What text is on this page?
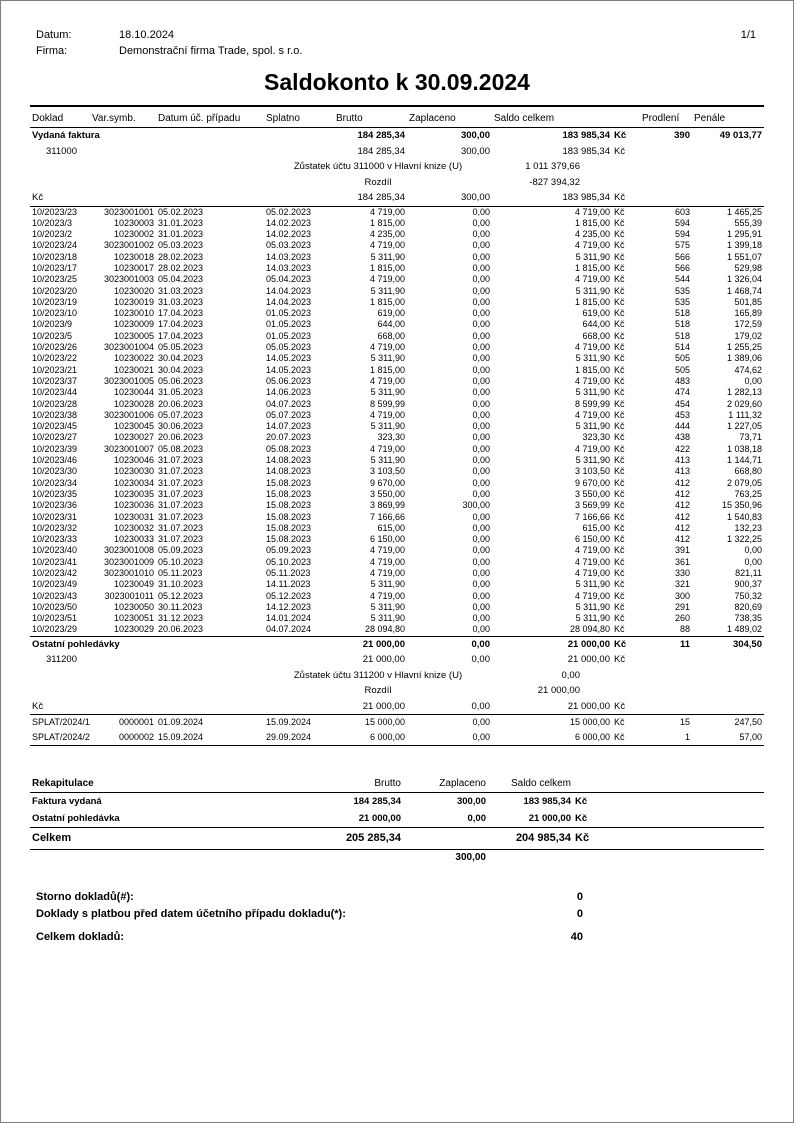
Datum:	18.10.2024	1/1
Firma:	Demonstrační firma Trade, spol. s r.o.
Saldokonto k 30.09.2024
Doklad	Var.symb.	Datum úč. případu	Splatno	Brutto	Zaplaceno	Saldo celkem		Prodlení	Penále
Vydaná faktura				184 285,34	300,00	183 985,34	Kč	390	49 013,77
311000				184 285,34	300,00	183 985,34	Kč		
			Zůstatek účtu 311000 v Hlavní knize (U)			1 011 379,66			
			Rozdíl			-827 394,32			
Kč				184 285,34	300,00	183 985,34	Kč		
10/2023/23	3023001001	05.02.2023	05.02.2023	4 719,00	0,00	4 719,00	Kč	603	1 465,25
10/2023/3	10230003	31.01.2023	14.02.2023	1 815,00	0,00	1 815,00	Kč	594	555,39
10/2023/2	10230002	31.01.2023	14.02.2023	4 235,00	0,00	4 235,00	Kč	594	1 295,91
10/2023/24	3023001002	05.03.2023	05.03.2023	4 719,00	0,00	4 719,00	Kč	575	1 399,18
10/2023/18	10230018	28.02.2023	14.03.2023	5 311,90	0,00	5 311,90	Kč	566	1 551,07
10/2023/17	10230017	28.02.2023	14.03.2023	1 815,00	0,00	1 815,00	Kč	566	529,98
10/2023/25	3023001003	05.04.2023	05.04.2023	4 719,00	0,00	4 719,00	Kč	544	1 326,04
10/2023/20	10230020	31.03.2023	14.04.2023	5 311,90	0,00	5 311,90	Kč	535	1 468,74
10/2023/19	10230019	31.03.2023	14.04.2023	1 815,00	0,00	1 815,00	Kč	535	501,85
10/2023/10	10230010	17.04.2023	01.05.2023	619,00	0,00	619,00	Kč	518	165,89
10/2023/9	10230009	17.04.2023	01.05.2023	644,00	0,00	644,00	Kč	518	172,59
10/2023/5	10230005	17.04.2023	01.05.2023	668,00	0,00	668,00	Kč	518	179,02
10/2023/26	3023001004	05.05.2023	05.05.2023	4 719,00	0,00	4 719,00	Kč	514	1 255,25
10/2023/22	10230022	30.04.2023	14.05.2023	5 311,90	0,00	5 311,90	Kč	505	1 389,06
10/2023/21	10230021	30.04.2023	14.05.2023	1 815,00	0,00	1 815,00	Kč	505	474,62
10/2023/37	3023001005	05.06.2023	05.06.2023	4 719,00	0,00	4 719,00	Kč	483	0,00
10/2023/44	10230044	31.05.2023	14.06.2023	5 311,90	0,00	5 311,90	Kč	474	1 282,13
10/2023/28	10230028	20.06.2023	04.07.2023	8 599,99	0,00	8 599,99	Kč	454	2 029,60
10/2023/38	3023001006	05.07.2023	05.07.2023	4 719,00	0,00	4 719,00	Kč	453	1 111,32
10/2023/45	10230045	30.06.2023	14.07.2023	5 311,90	0,00	5 311,90	Kč	444	1 227,05
10/2023/27	10230027	20.06.2023	20.07.2023	323,30	0,00	323,30	Kč	438	73,71
10/2023/39	3023001007	05.08.2023	05.08.2023	4 719,00	0,00	4 719,00	Kč	422	1 038,18
10/2023/46	10230046	31.07.2023	14.08.2023	5 311,90	0,00	5 311,90	Kč	413	1 144,71
10/2023/30	10230030	31.07.2023	14.08.2023	3 103,50	0,00	3 103,50	Kč	413	668,80
10/2023/34	10230034	31.07.2023	15.08.2023	9 670,00	0,00	9 670,00	Kč	412	2 079,05
10/2023/35	10230035	31.07.2023	15.08.2023	3 550,00	0,00	3 550,00	Kč	412	763,25
10/2023/36	10230036	31.07.2023	15.08.2023	3 869,99	300,00	3 569,99	Kč	412	15 350,96
10/2023/31	10230031	31.07.2023	15.08.2023	7 166,66	0,00	7 166,66	Kč	412	1 540,83
10/2023/32	10230032	31.07.2023	15.08.2023	615,00	0,00	615,00	Kč	412	132,23
10/2023/33	10230033	31.07.2023	15.08.2023	6 150,00	0,00	6 150,00	Kč	412	1 322,25
10/2023/40	3023001008	05.09.2023	05.09.2023	4 719,00	0,00	4 719,00	Kč	391	0,00
10/2023/41	3023001009	05.10.2023	05.10.2023	4 719,00	0,00	4 719,00	Kč	361	0,00
10/2023/42	3023001010	05.11.2023	05.11.2023	4 719,00	0,00	4 719,00	Kč	330	821,11
10/2023/49	10230049	31.10.2023	14.11.2023	5 311,90	0,00	5 311,90	Kč	321	900,37
10/2023/43	3023001011	05.12.2023	05.12.2023	4 719,00	0,00	4 719,00	Kč	300	750,32
10/2023/50	10230050	30.11.2023	14.12.2023	5 311,90	0,00	5 311,90	Kč	291	820,69
10/2023/51	10230051	31.12.2023	14.01.2024	5 311,90	0,00	5 311,90	Kč	260	738,35
10/2023/29	10230029	20.06.2023	04.07.2024	28 094,80	0,00	28 094,80	Kč	88	1 489,02
Ostatní pohledávky				21 000,00	0,00	21 000,00	Kč	11	304,50
311200				21 000,00	0,00	21 000,00	Kč		
			Zůstatek účtu 311200 v Hlavní knize (U)			0,00			
			Rozdíl			21 000,00			
Kč				21 000,00	0,00	21 000,00	Kč		
SPLAT/2024/1	0000001	01.09.2024	15.09.2024	15 000,00	0,00	15 000,00	Kč	15	247,50
SPLAT/2024/2	0000002	15.09.2024	29.09.2024	6 000,00	0,00	6 000,00	Kč	1	57,00
Rekapitulace	Brutto	Zaplaceno	Saldo celkem		
Faktura vydaná	184 285,34	300,00	183 985,34	Kč	
Ostatní pohledávka	21 000,00	0,00	21 000,00	Kč	
Celkem	205 285,34		204 985,34	Kč	
		300,00			
Storno dokladů(#):	0
Doklady s platbou před datem účetního případu dokladu(*):	0
Celkem dokladů:	40
